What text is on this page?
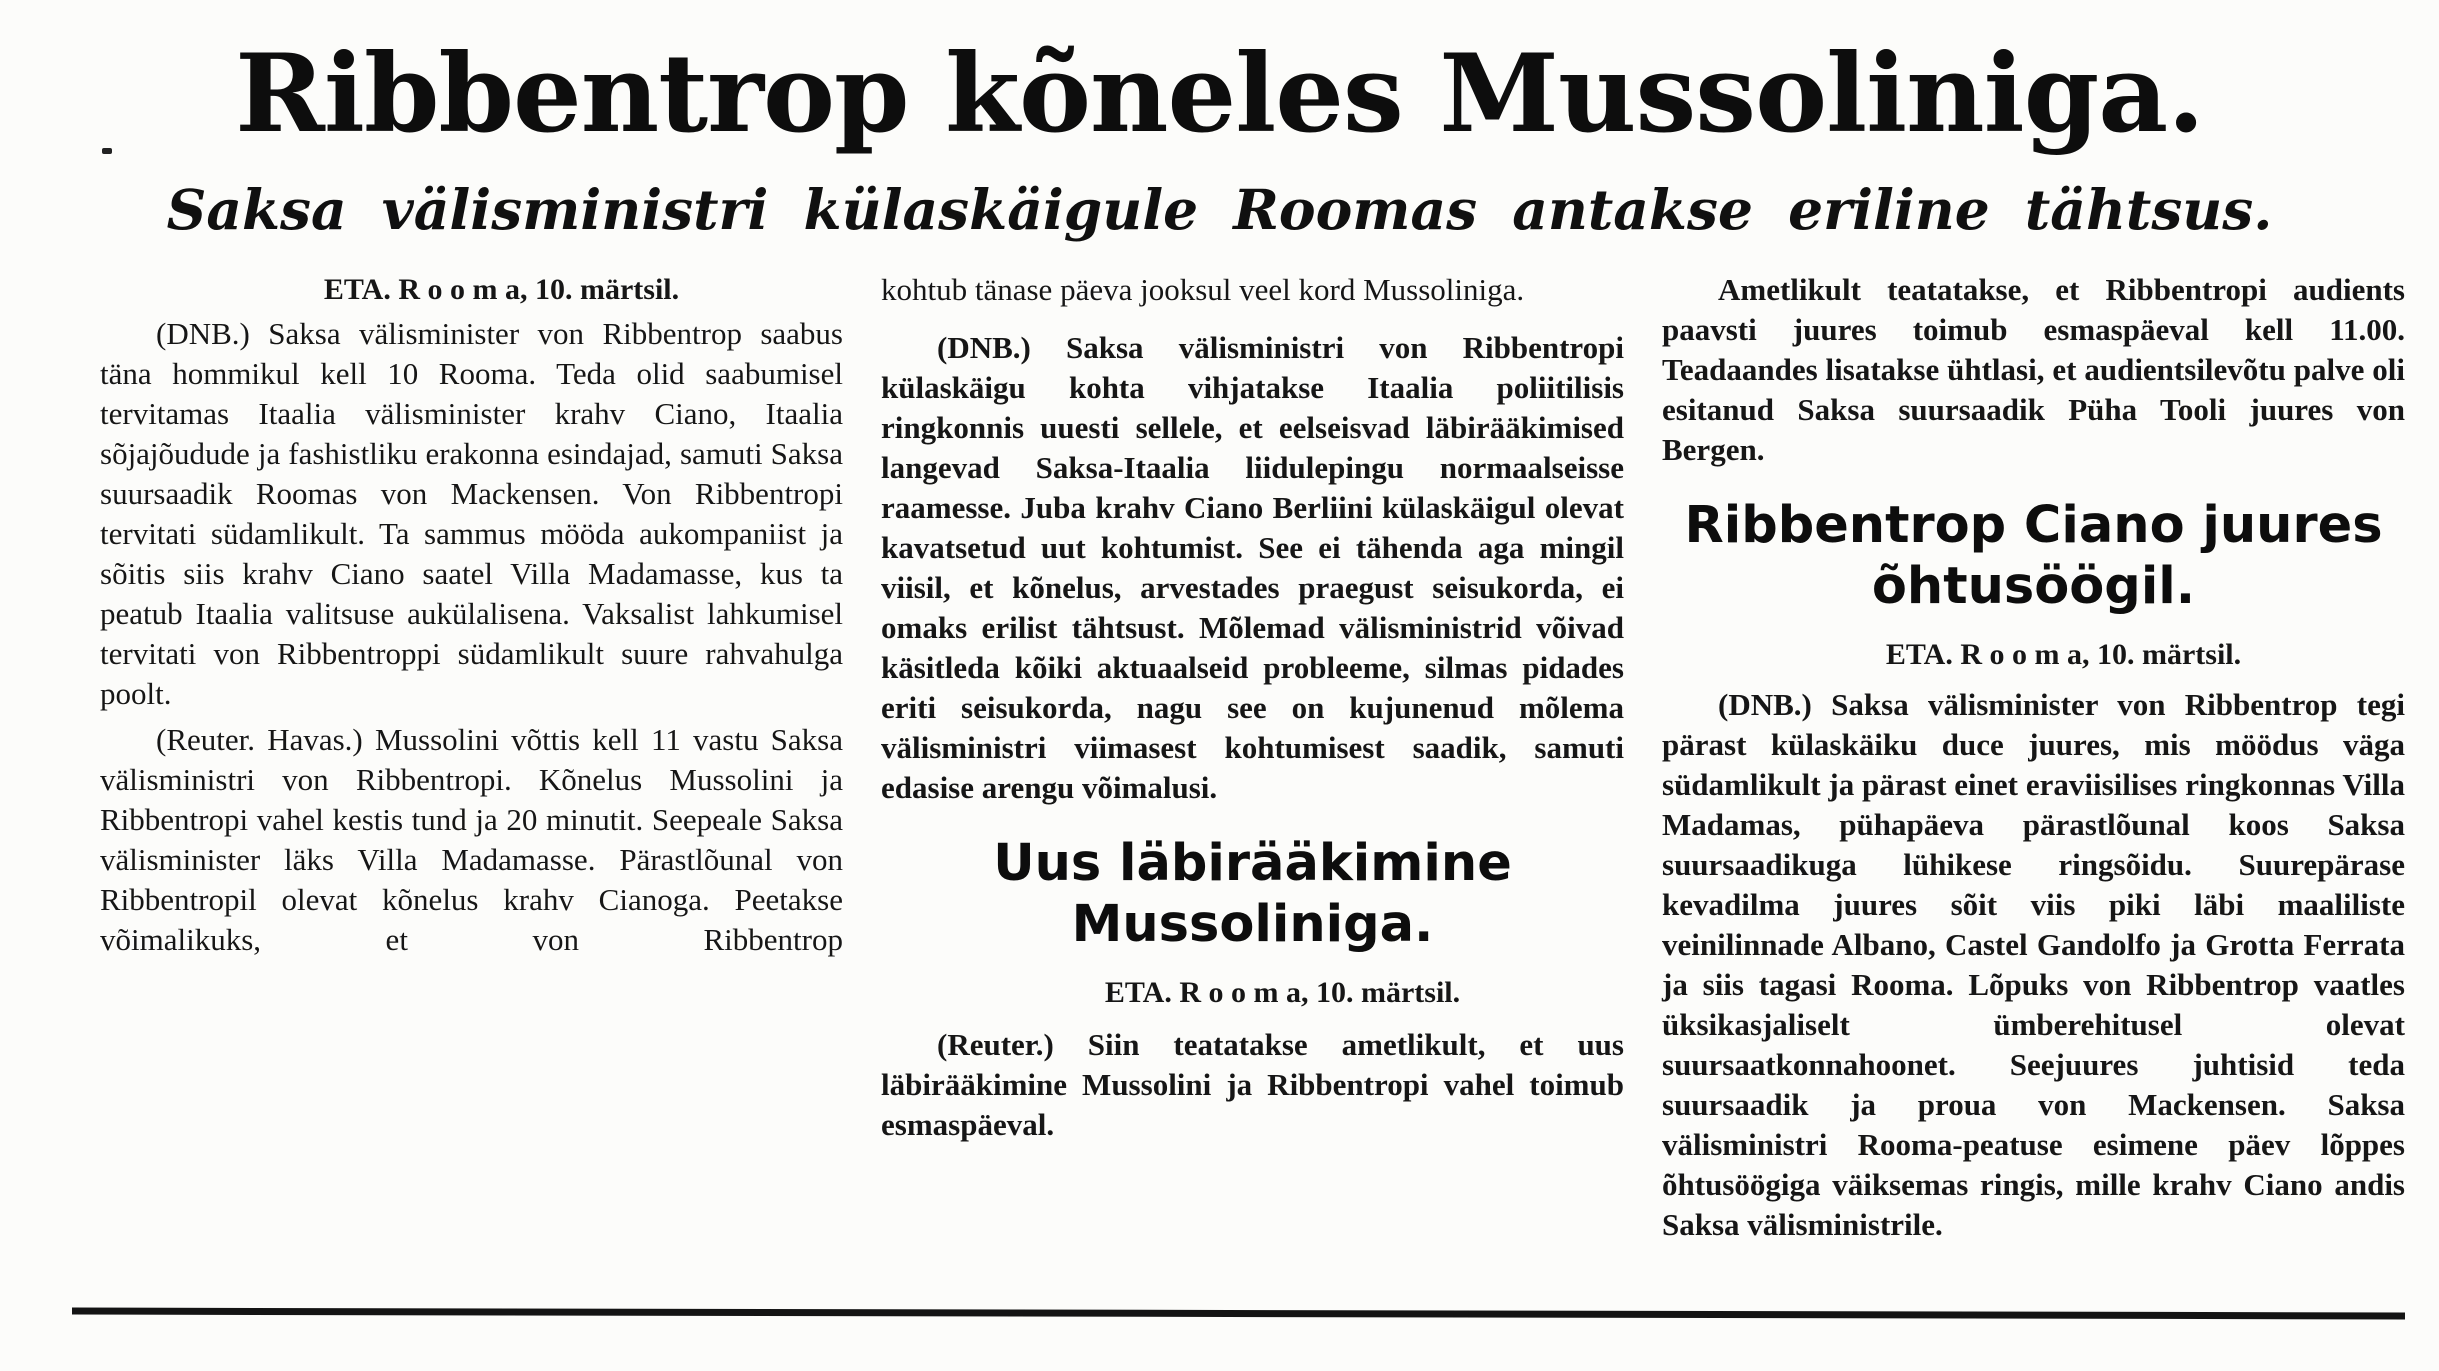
Ribbentrop kõneles Mussoliniga.
Saksa välisministri külaskäigule Roomas antakse eriline tähtsus.
ETA. R o o m a, 10. märtsil.

(DNB.) Saksa välisminister von Ribbentrop saabus täna hommikul kell 10 Rooma. Teda olid saabumisel tervitamas Itaalia välisminister krahv Ciano, Itaalia sõjajõudude ja fashistliku erakonna esindajad, samuti Saksa suursaadik Roomas von Mackensen. Von Ribbentropi tervitati südamlikult. Ta sammus mööda aukompaniist ja sõitis siis krahv Ciano saatel Villa Madamasse, kus ta peatub Itaalia valitsuse aukülalisena. Vaksalist lahkumisel tervitati von Ribbentroppi südamlikult suure rahvahulga poolt.

(Reuter. Havas.) Mussolini võttis kell 11 vastu Saksa välisministri von Ribbentropi. Kõnelus Mussolini ja Ribbentropi vahel kestis tund ja 20 minutit. Seepeale Saksa välisminister läks Villa Madamasse. Pärastlõunal von Ribbentropil olevat kõnelus krahv Cianoga. Peetakse võimalikuks, et von Ribbentrop

kohtub tänase päeva jooksul veel kord Mussoliniga.

(DNB.) Saksa välisministri von Ribbentropi külaskäigu kohta vihjatakse Itaalia poliitilisis ringkonnis uuesti sellele, et eelseisvad läbirääkimised langevad Saksa-Itaalia liidulepingu normaalseisse raamesse. Juba krahv Ciano Berliini külaskäigul olevat kavatsetud uut kohtumist. See ei tähenda aga mingil viisil, et kõnelus, arvestades praegust seisukorda, ei omaks erilist tähtsust. Mõlemad välisministrid võivad käsitleda kõiki aktuaalseid probleeme, silmas pidades eriti seisukorda, nagu see on kujunenud mõlema välisministri viimasest kohtumisest saadik, samuti edasise arengu võimalusi.

Uus läbirääkimine Mussoliniga.
ETA. R o o m a, 10. märtsil.

(Reuter.) Siin teatatakse ametlikult, et uus läbirääkimine Mussolini ja Ribbentropi vahel toimub esmaspäeval.

Ametlikult teatatakse, et Ribbentropi audients paavsti juures toimub esmaspäeval kell 11.00. Teadaandes lisatakse ühtlasi, et audientsilevõtu palve oli esitanud Saksa suursaadik Püha Tooli juures von Bergen.

Ribbentrop Ciano juures õhtusöögil.
ETA. R o o m a, 10. märtsil.

(DNB.) Saksa välisminister von Ribbentrop tegi pärast külaskäiku duce juures, mis möödus väga südamlikult ja pärast einet eraviisilises ringkonnas Villa Madamas, pühapäeva pärastlõunal koos Saksa suursaadikuga lühikese ringsõidu. Suurepärase kevadilma juures sõit viis piki läbi maaliliste veinilinnade Albano, Castel Gandolfo ja Grotta Ferrata ja siis tagasi Rooma. Lõpuks von Ribbentrop vaatles üksikasjaliselt ümberehitusel olevat suursaatkonnahoonet. Seejuures juhtisid teda suursaadik ja proua von Mackensen. Saksa välisministri Rooma-peatuse esimene päev lõppes õhtusöögiga väiksemas ringis, mille krahv Ciano andis Saksa välisministrile.
